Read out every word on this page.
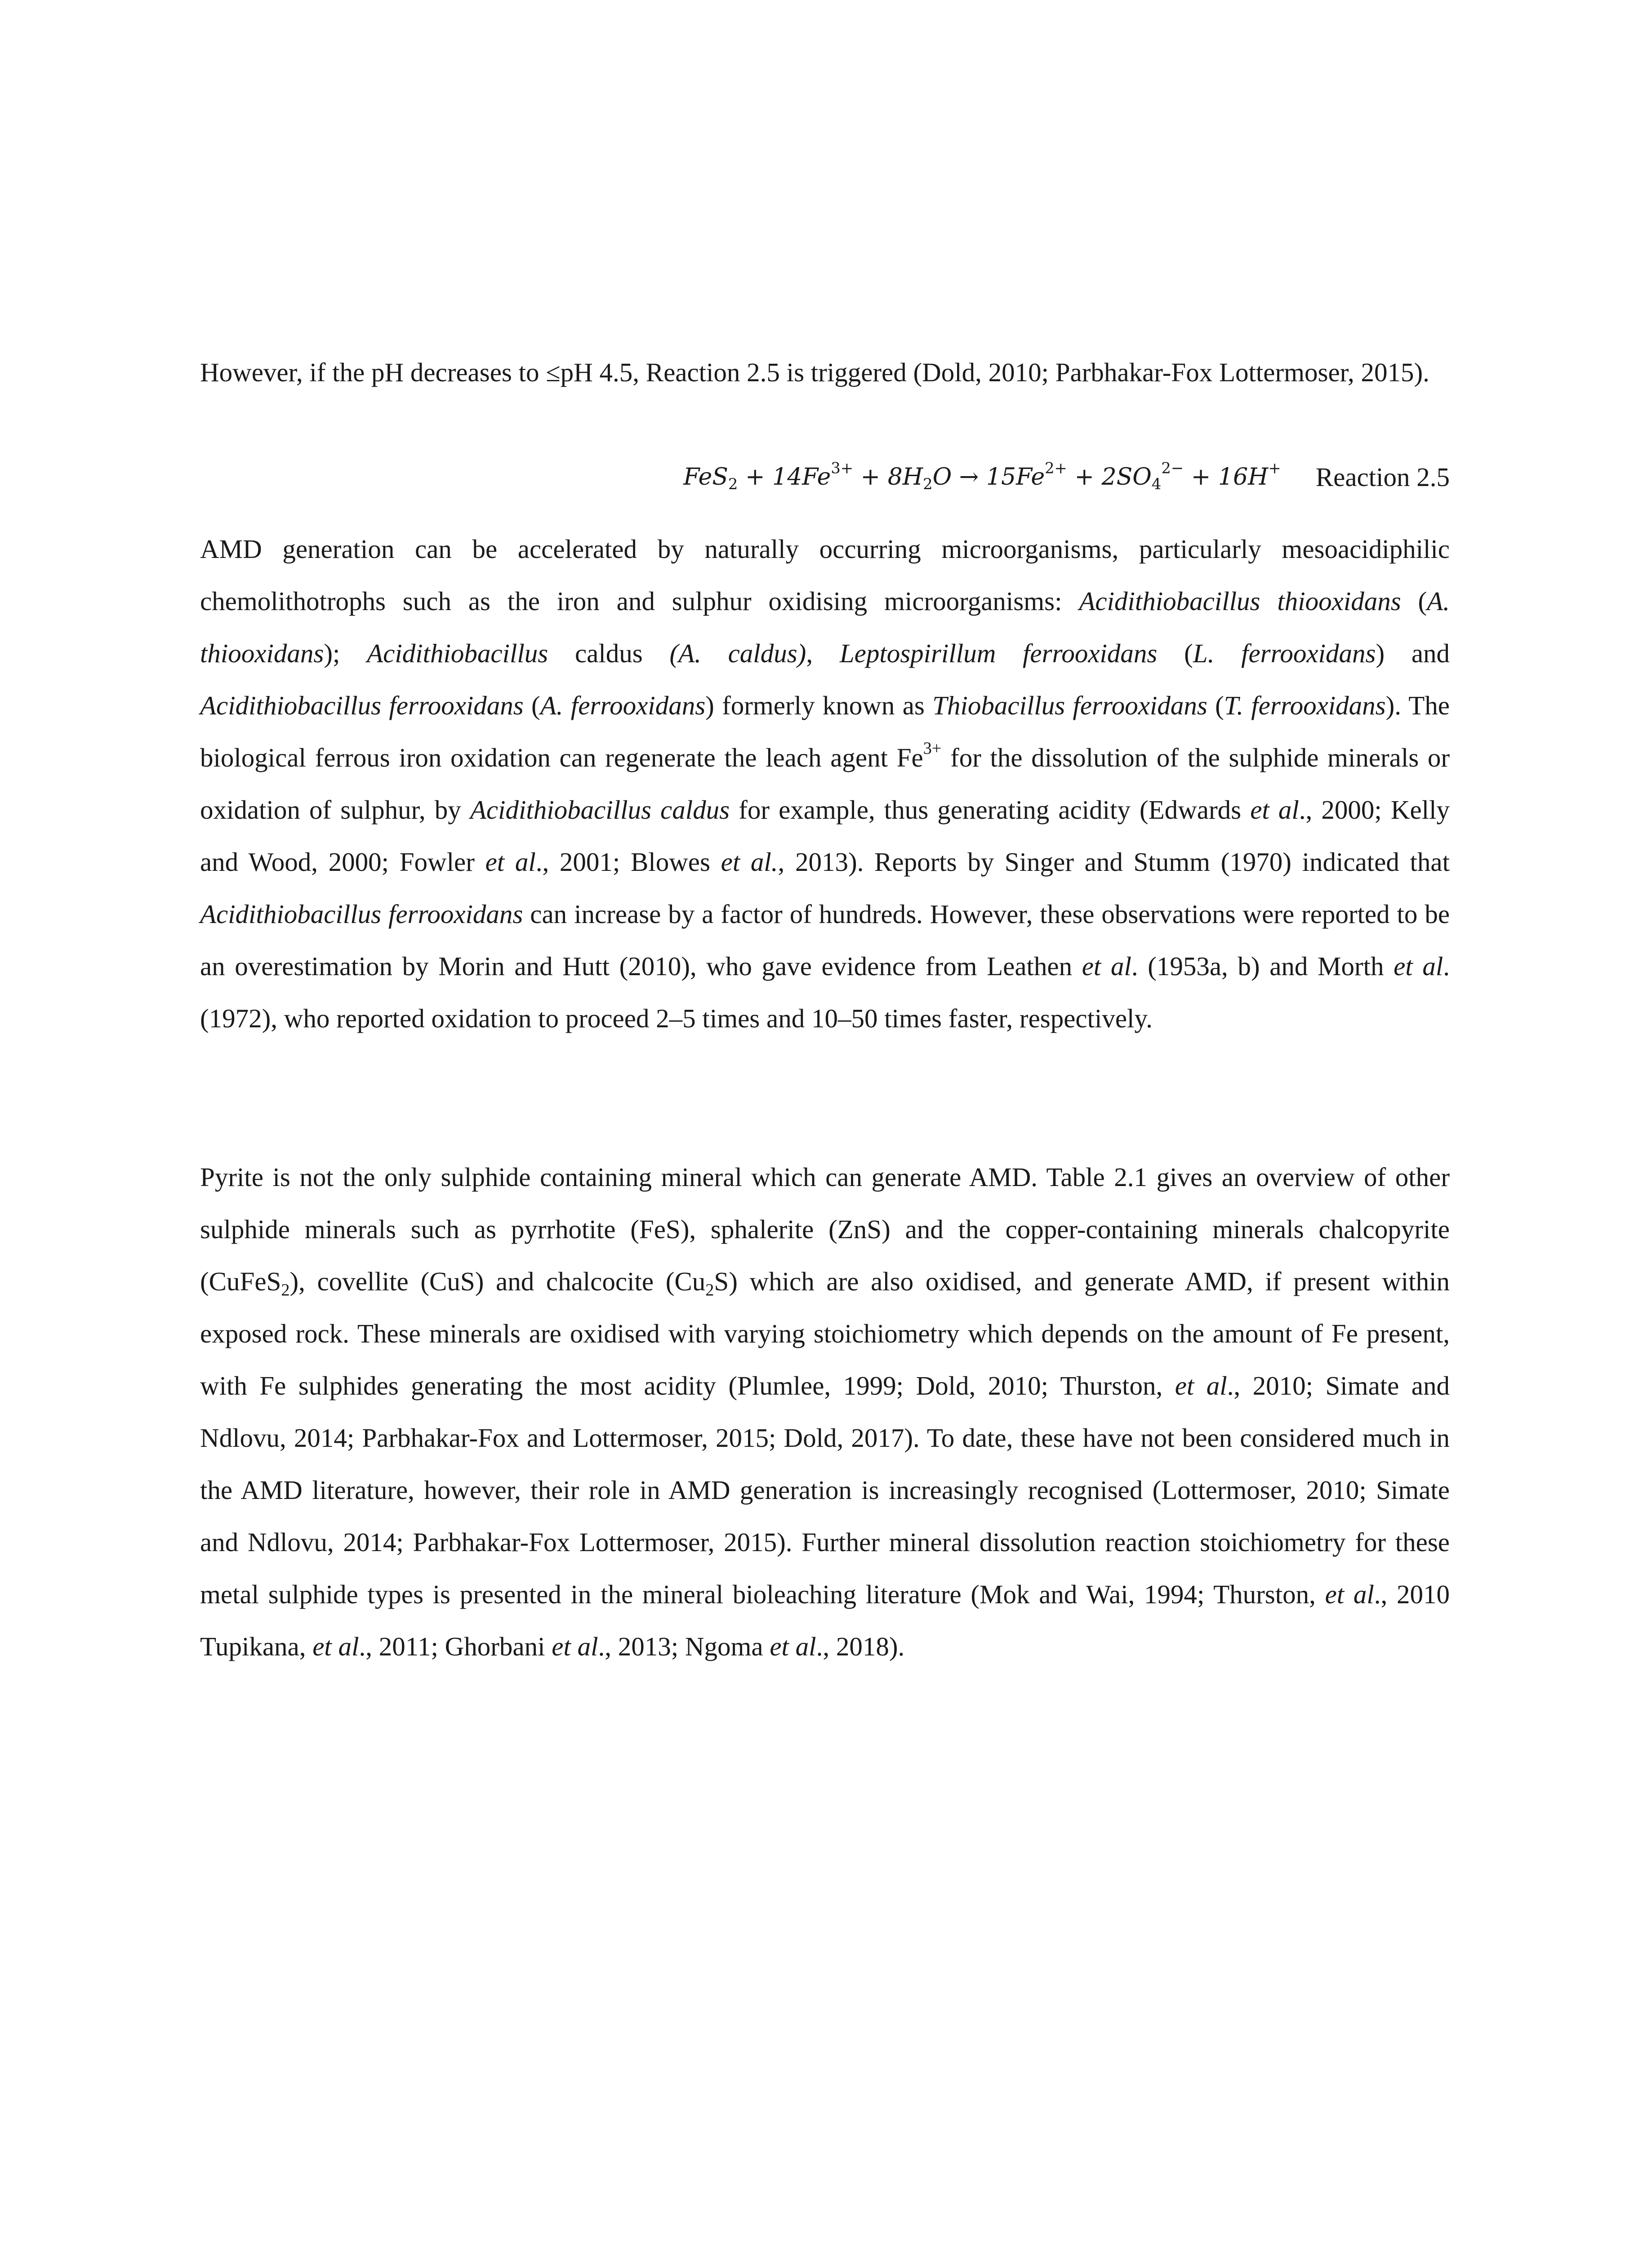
However, if the pH decreases to ≤pH 4.5, Reaction 2.5 is triggered (Dold, 2010; Parbhakar-Fox Lottermoser, 2015).

$FeS_2 + 14Fe^{3+} + 8H_2O \to 15Fe^{2+} + 2SO_4^{2-} + 16H^+$	Reaction 2.5

AMD generation can be accelerated by naturally occurring microorganisms, particularly mesoacidiphilic chemolithotrophs such as the iron and sulphur oxidising microorganisms: Acidithiobacillus thiooxidans (A. thiooxidans); Acidithiobacillus caldus (A. caldus), Leptospirillum ferrooxidans (L. ferrooxidans) and Acidithiobacillus ferrooxidans (A. ferrooxidans) formerly known as Thiobacillus ferrooxidans (T. ferrooxidans). The biological ferrous iron oxidation can regenerate the leach agent $Fe^{3+}$ for the dissolution of the sulphide minerals or oxidation of sulphur, by Acidithiobacillus caldus for example, thus generating acidity (Edwards et al., 2000; Kelly and Wood, 2000; Fowler et al., 2001; Blowes et al., 2013). Reports by Singer and Stumm (1970) indicated that Acidithiobacillus ferrooxidans can increase by a factor of hundreds. However, these observations were reported to be an overestimation by Morin and Hutt (2010), who gave evidence from Leathen et al. (1953a, b) and Morth et al. (1972), who reported oxidation to proceed 2–5 times and 10–50 times faster, respectively.

Pyrite is not the only sulphide containing mineral which can generate AMD. Table 2.1 gives an overview of other sulphide minerals such as pyrrhotite (FeS), sphalerite (ZnS) and the copper-containing minerals chalcopyrite (CuFeS$_2$), covellite (CuS) and chalcocite $(Cu_2S)$ which are also oxidised, and generate AMD, if present within exposed rock. These minerals are oxidised with varying stoichiometry which depends on the amount of Fe present, with Fe sulphides generating the most acidity (Plumlee, 1999; Dold, 2010; Thurston, et al., 2010; Simate and Ndlovu, 2014; Parbhakar-Fox and Lottermoser, 2015; Dold, 2017). To date, these have not been considered much in the AMD literature, however, their role in AMD generation is increasingly recognised (Lottermoser, 2010; Simate and Ndlovu, 2014; Parbhakar-Fox Lottermoser, 2015). Further mineral dissolution reaction stoichiometry for these metal sulphide types is presented in the mineral bioleaching literature (Mok and Wai, 1994; Thurston, et al., 2010 Tupikana, et al., 2011; Ghorbani et al., 2013; Ngoma et al., 2018).
